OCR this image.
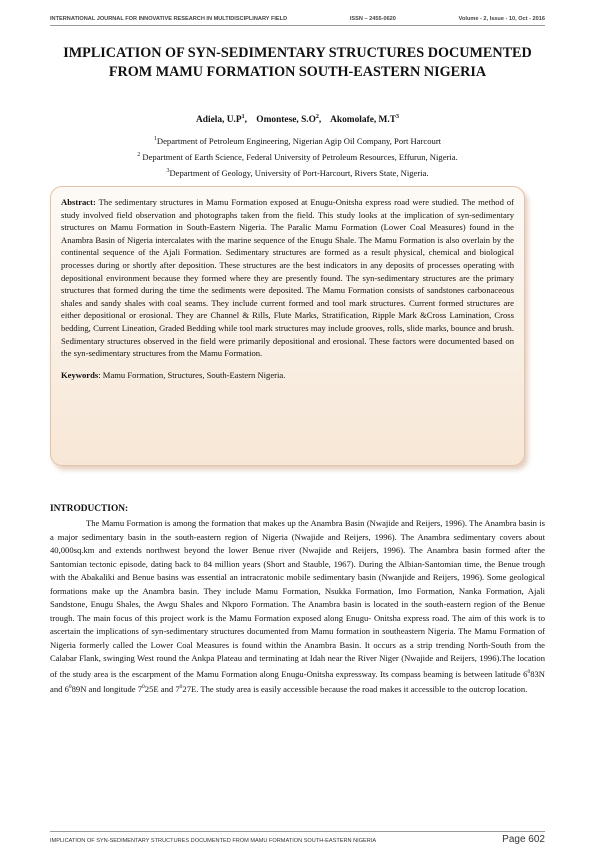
INTERNATIONAL JOURNAL FOR INNOVATIVE RESEARCH IN MULTIDISCIPLINARY FIELD	ISSN – 2455-0620	Volume - 2, Issue - 10, Oct - 2016
IMPLICATION OF SYN-SEDIMENTARY STRUCTURES DOCUMENTED FROM MAMU FORMATION SOUTH-EASTERN NIGERIA
Adiela, $U.P^1$,    Omontese, $S.O^2$,    Akomolafe, $M.T^3$
$^1$Department of Petroleum Engineering, Nigerian Agip Oil Company, Port Harcourt
$^2$ Department of Earth Science, Federal University of Petroleum Resources, Effurun, Nigeria.
$^3$Department of Geology, University of Port-Harcourt, Rivers State, Nigeria.

Abstract: The sedimentary structures in Mamu Formation exposed at Enugu-Onitsha express road were studied. The method of study involved field observation and photographs taken from the field. This study looks at the implication of syn-sedimentary structures on Mamu Formation in South-Eastern Nigeria. The Paralic Mamu Formation (Lower Coal Measures) found in the Anambra Basin of Nigeria intercalates with the marine sequence of the Enugu Shale. The Mamu Formation is also overlain by the continental sequence of the Ajali Formation. Sedimentary structures are formed as a result physical, chemical and biological processes during or shortly after deposition. These structures are the best indicators in any deposits of processes operating with depositional environment because they formed where they are presently found. The syn-sedimentary structures are the primary structures that formed during the time the sediments were deposited. The Mamu Formation consists of sandstones carbonaceous shales and sandy shales with coal seams. They include current formed and tool mark structures. Current formed structures are either depositional or erosional. They are Channel & Rills, Flute Marks, Stratification, Ripple Mark &Cross Lamination, Cross bedding, Current Lineation, Graded Bedding while tool mark structures may include grooves, rolls, slide marks, bounce and brush. Sedimentary structures observed in the field were primarily depositional and erosional. These factors were documented based on the syn-sedimentary structures from the Mamu Formation.

Keywords: Mamu Formation, Structures, South-Eastern Nigeria.

INTRODUCTION:

The Mamu Formation is among the formation that makes up the Anambra Basin (Nwajide and Reijers, 1996). The Anambra basin is a major sedimentary basin in the south-eastern region of Nigeria (Nwajide and Reijers, 1996). The Anambra sedimentary covers about 40,000sq.km and extends northwest beyond the lower Benue river (Nwajide and Reijers, 1996). The Anambra basin formed after the Santomian tectonic episode, dating back to 84 million years (Short and Stauble, 1967). During the Albian-Santomian time, the Benue trough with the Abakaliki and Benue basins was essential an intracratonic mobile sedimentary basin (Nwanjide and Reijers, 1996). Some geological formations make up the Anambra basin. They include Mamu Formation, Nsukka Formation, Imo Formation, Nanka Formation, Ajali Sandstone, Enugu Shales, the Awgu Shales and Nkporo Formation. The Anambra basin is located in the south-eastern region of the Benue trough. The main focus of this project work is the Mamu Formation exposed along Enugu- Onitsha express road. The aim of this work is to ascertain the implications of syn-sedimentary structures documented from Mamu formation in southeastern Nigeria. The Mamu Formation of Nigeria formerly called the Lower Coal Measures is found within the Anambra Basin. It occurs as a strip trending North-South from the Calabar Flank, swinging West round the Ankpa Plateau and terminating at Idah near the River Niger (Nwajide and Reijers, 1996).The location of the study area is the escarpment of the Mamu Formation along Enugu-Onitsha expressway. Its compass beaming is between latitude $6^083N$ and $6^089N$ and longitude $7^025E$ and $7^027E$. The study area is easily accessible because the road makes it accessible to the outcrop location.

IMPLICATION OF SYN-SEDIMENTARY STRUCTURES DOCUMENTED FROM MAMU FORMATION SOUTH-EASTERN NIGERIA	Page 602
